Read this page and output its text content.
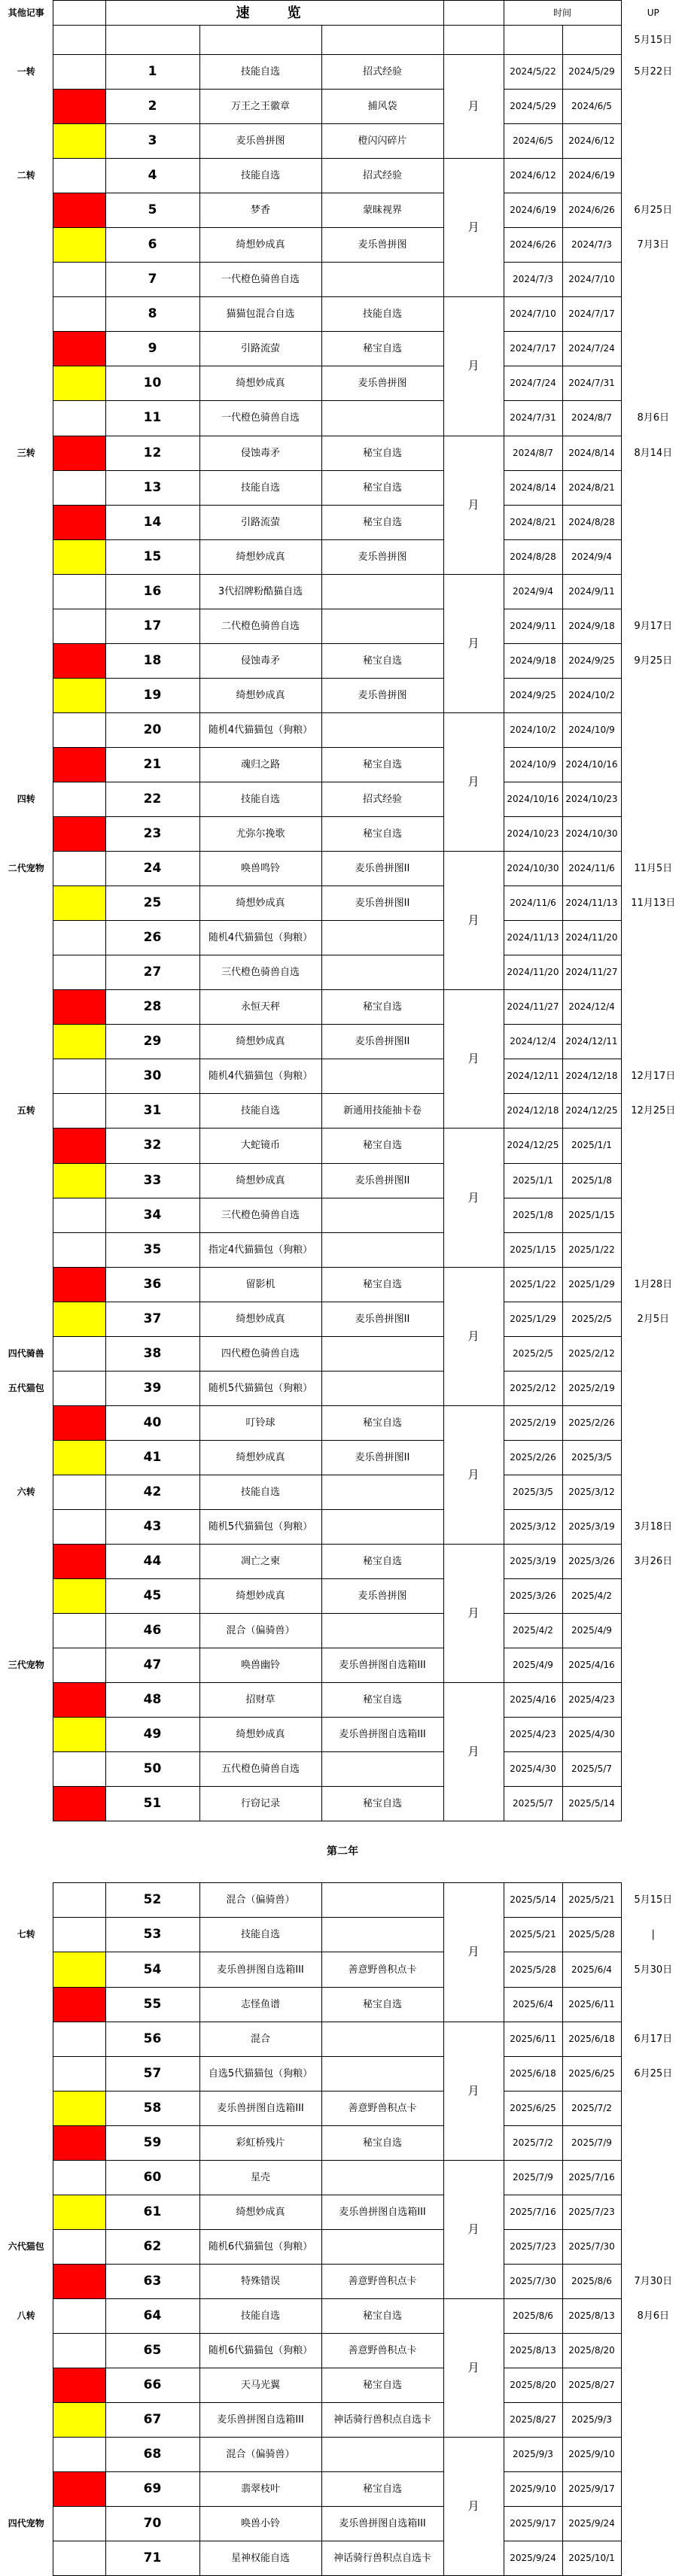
其他记事		速　览				时间		UP
								5月15日
一转		1	技能自选	招式经验	月	2024/5/22	2024/5/29	5月22日
		2	万王之王徽章	捕风袋		2024/5/29	2024/6/5	
		3	麦乐兽拼图	橙闪闪碎片		2024/6/5	2024/6/12	
二转		4	技能自选	招式经验	月	2024/6/12	2024/6/19	
		5	梦香	蒙昧视界		2024/6/19	2024/6/26	6月25日
		6	绮想妙成真	麦乐兽拼图		2024/6/26	2024/7/3	7月3日
		7	一代橙色骑兽自选			2024/7/3	2024/7/10	
		8	猫猫包混合自选	技能自选	月	2024/7/10	2024/7/17	
		9	引路流萤	秘宝自选		2024/7/17	2024/7/24	
		10	绮想妙成真	麦乐兽拼图		2024/7/24	2024/7/31	
		11	一代橙色骑兽自选			2024/7/31	2024/8/7	8月6日
三转		12	侵蚀毒矛	秘宝自选	月	2024/8/7	2024/8/14	8月14日
		13	技能自选	秘宝自选		2024/8/14	2024/8/21	
		14	引路流萤	秘宝自选		2024/8/21	2024/8/28	
		15	绮想妙成真	麦乐兽拼图		2024/8/28	2024/9/4	
		16	3代招牌粉酷猫自选		月	2024/9/4	2024/9/11	
		17	二代橙色骑兽自选			2024/9/11	2024/9/18	9月17日
		18	侵蚀毒矛	秘宝自选		2024/9/18	2024/9/25	9月25日
		19	绮想妙成真	麦乐兽拼图		2024/9/25	2024/10/2	
		20	随机4代猫猫包（狗粮）		月	2024/10/2	2024/10/9	
		21	魂归之路	秘宝自选		2024/10/9	2024/10/16	
四转		22	技能自选	招式经验		2024/10/16	2024/10/23	
		23	尤弥尔挽歌	秘宝自选		2024/10/23	2024/10/30	
二代宠物		24	唤兽鸣铃	麦乐兽拼图II	月	2024/10/30	2024/11/6	11月5日
		25	绮想妙成真	麦乐兽拼图II		2024/11/6	2024/11/13	11月13日
		26	随机4代猫猫包（狗粮）			2024/11/13	2024/11/20	
		27	三代橙色骑兽自选			2024/11/20	2024/11/27	
		28	永恒天秤	秘宝自选	月	2024/11/27	2024/12/4	
		29	绮想妙成真	麦乐兽拼图II		2024/12/4	2024/12/11	
		30	随机4代猫猫包（狗粮）			2024/12/11	2024/12/18	12月17日
五转		31	技能自选	新通用技能抽卡卷		2024/12/18	2024/12/25	12月25日
		32	大蛇镜币	秘宝自选	月	2024/12/25	2025/1/1	
		33	绮想妙成真	麦乐兽拼图II		2025/1/1	2025/1/8	
		34	三代橙色骑兽自选			2025/1/8	2025/1/15	
		35	指定4代猫猫包（狗粮）			2025/1/15	2025/1/22	
		36	留影机	秘宝自选	月	2025/1/22	2025/1/29	1月28日
		37	绮想妙成真	麦乐兽拼图II		2025/1/29	2025/2/5	2月5日
四代骑兽		38	四代橙色骑兽自选			2025/2/5	2025/2/12	
五代猫包		39	随机5代猫猫包（狗粮）			2025/2/12	2025/2/19	
		40	叮铃球	秘宝自选	月	2025/2/19	2025/2/26	
		41	绮想妙成真	麦乐兽拼图II		2025/2/26	2025/3/5	
六转		42	技能自选			2025/3/5	2025/3/12	
		43	随机5代猫猫包（狗粮）			2025/3/12	2025/3/19	3月18日
		44	凋亡之柬	秘宝自选	月	2025/3/19	2025/3/26	3月26日
		45	绮想妙成真	麦乐兽拼图		2025/3/26	2025/4/2	
		46	混合（偏骑兽）			2025/4/2	2025/4/9	
三代宠物		47	唤兽幽铃	麦乐兽拼图自选箱III		2025/4/9	2025/4/16	
		48	招财草	秘宝自选	月	2025/4/16	2025/4/23	
		49	绮想妙成真	麦乐兽拼图自选箱III		2025/4/23	2025/4/30	
		50	五代橙色骑兽自选			2025/4/30	2025/5/7	
		51	行窃记录	秘宝自选		2025/5/7	2025/5/14	
第二年								
		52	混合（偏骑兽）		月	2025/5/14	2025/5/21	5月15日
七转		53	技能自选			2025/5/21	2025/5/28	|
		54	麦乐兽拼图自选箱III	善意野兽积点卡		2025/5/28	2025/6/4	5月30日
		55	志怪鱼谱	秘宝自选		2025/6/4	2025/6/11	
		56	混合		月	2025/6/11	2025/6/18	6月17日
		57	自选5代猫猫包（狗粮）			2025/6/18	2025/6/25	6月25日
		58	麦乐兽拼图自选箱III	善意野兽积点卡		2025/6/25	2025/7/2	
		59	彩虹桥残片	秘宝自选		2025/7/2	2025/7/9	
		60	星壳		月	2025/7/9	2025/7/16	
		61	绮想妙成真	麦乐兽拼图自选箱III		2025/7/16	2025/7/23	
六代猫包		62	随机6代猫猫包（狗粮）			2025/7/23	2025/7/30	
		63	特殊错误	善意野兽积点卡		2025/7/30	2025/8/6	7月30日
八转		64	技能自选	秘宝自选	月	2025/8/6	2025/8/13	8月6日
		65	随机6代猫猫包（狗粮）	善意野兽积点卡		2025/8/13	2025/8/20	
		66	天马光翼	秘宝自选		2025/8/20	2025/8/27	
		67	麦乐兽拼图自选箱III	神话骑行兽积点自选卡		2025/8/27	2025/9/3	
		68	混合（偏骑兽）		月	2025/9/3	2025/9/10	
		69	翡翠枝叶	秘宝自选		2025/9/10	2025/9/17	
四代宠物		70	唤兽小铃	麦乐兽拼图自选箱III		2025/9/17	2025/9/24	
		71	星神权能自选	神话骑行兽积点自选卡		2025/9/24	2025/10/1	
